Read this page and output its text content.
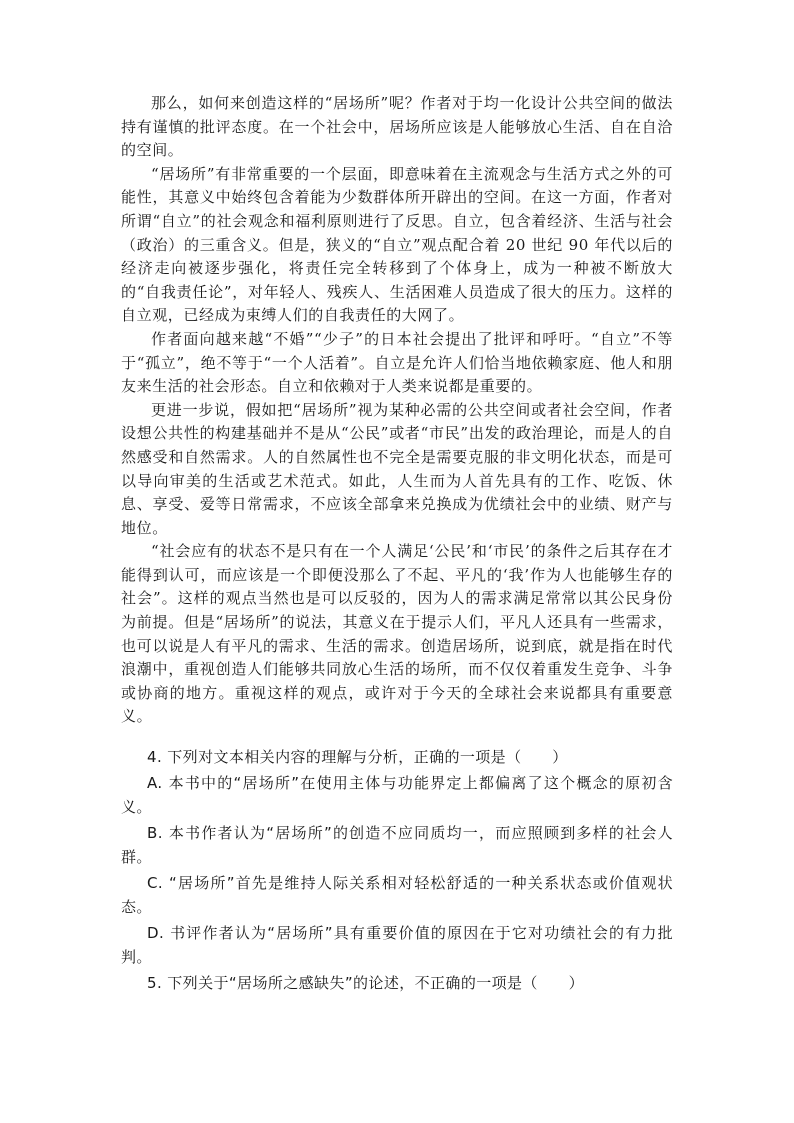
那么，如何来创造这样的“居场所”呢？作者对于均一化设计公共空间的做法持有谨慎的批评态度。在一个社会中，居场所应该是人能够放心生活、自在自洽的空间。

“居场所”有非常重要的一个层面，即意味着在主流观念与生活方式之外的可能性，其意义中始终包含着能为少数群体所开辟出的空间。在这一方面，作者对所谓“自立”的社会观念和福利原则进行了反思。自立，包含着经济、生活与社会（政治）的三重含义。但是，狭义的“自立”观点配合着 20 世纪 90 年代以后的经济走向被逐步强化，将责任完全转移到了个体身上，成为一种被不断放大的“自我责任论”，对年轻人、残疾人、生活困难人员造成了很大的压力。这样的自立观，已经成为束缚人们的自我责任的大网了。

作者面向越来越“不婚”“少子”的日本社会提出了批评和呼吁。“自立”不等于“孤立”，绝不等于“一个人活着”。自立是允许人们恰当地依赖家庭、他人和朋友来生活的社会形态。自立和依赖对于人类来说都是重要的。

更进一步说，假如把“居场所”视为某种必需的公共空间或者社会空间，作者设想公共性的构建基础并不是从“公民”或者“市民”出发的政治理论，而是人的自然感受和自然需求。人的自然属性也不完全是需要克服的非文明化状态，而是可以导向审美的生活或艺术范式。如此，人生而为人首先具有的工作、吃饭、休息、享受、爱等日常需求，不应该全部拿来兑换成为优绩社会中的业绩、财产与地位。

“社会应有的状态不是只有在一个人满足‘公民’和‘市民’的条件之后其存在才能得到认可，而应该是一个即便没那么了不起、平凡的‘我’作为人也能够生存的社会”。这样的观点当然也是可以反驳的，因为人的需求满足常常以其公民身份为前提。但是“居场所”的说法，其意义在于提示人们，平凡人还具有一些需求，也可以说是人有平凡的需求、生活的需求。创造居场所，说到底，就是指在时代浪潮中，重视创造人们能够共同放心生活的场所，而不仅仅着重发生竞争、斗争或协商的地方。重视这样的观点，或许对于今天的全球社会来说都具有重要意义。

4. 下列对文本相关内容的理解与分析，正确的一项是（　　）

A. 本书中的“居场所”在使用主体与功能界定上都偏离了这个概念的原初含义。

B. 本书作者认为“居场所”的创造不应同质均一，而应照顾到多样的社会人群。

C. “居场所”首先是维持人际关系相对轻松舒适的一种关系状态或价值观状态。

D. 书评作者认为“居场所”具有重要价值的原因在于它对功绩社会的有力批判。

5. 下列关于“居场所之感缺失”的论述，不正确的一项是（　　）
